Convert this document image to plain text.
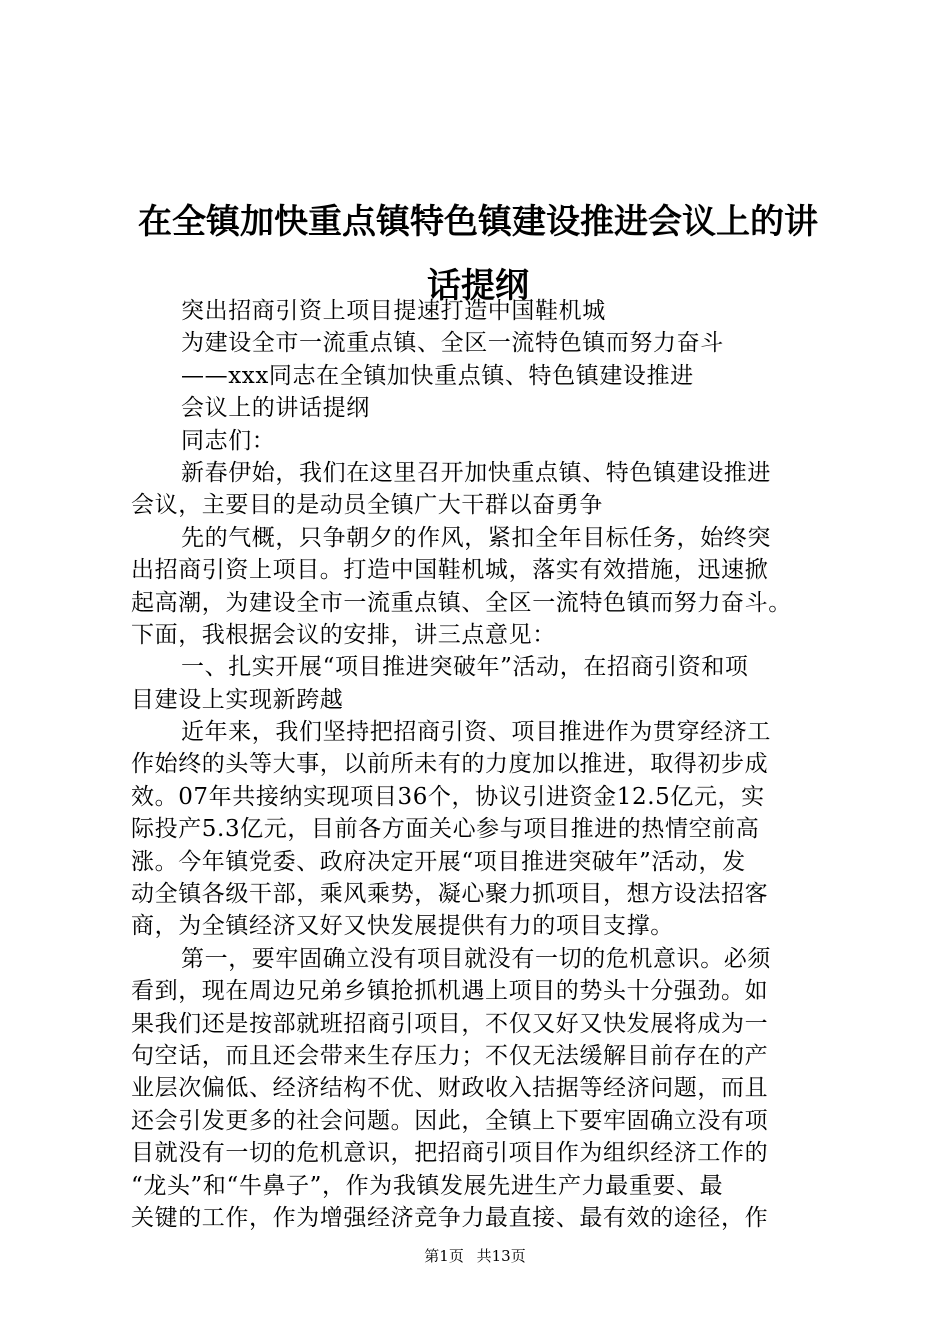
在全镇加快重点镇特色镇建设推进会议上的讲
话提纲
突出招商引资上项目提速打造中国鞋机城
为建设全市一流重点镇、全区一流特色镇而努力奋斗
——xxx同志在全镇加快重点镇、特色镇建设推进
会议上的讲话提纲
同志们：
新春伊始，我们在这里召开加快重点镇、特色镇建设推进
会议，主要目的是动员全镇广大干群以奋勇争
先的气概，只争朝夕的作风，紧扣全年目标任务，始终突
出招商引资上项目。打造中国鞋机城，落实有效措施，迅速掀
起高潮，为建设全市一流重点镇、全区一流特色镇而努力奋斗。
下面，我根据会议的安排，讲三点意见：
一、扎实开展“项目推进突破年”活动，在招商引资和项
目建设上实现新跨越
近年来，我们坚持把招商引资、项目推进作为贯穿经济工
作始终的头等大事，以前所未有的力度加以推进，取得初步成
效。07年共接纳实现项目36个，协议引进资金12.5亿元，实
际投产5.3亿元，目前各方面关心参与项目推进的热情空前高
涨。今年镇党委、政府决定开展“项目推进突破年”活动，发
动全镇各级干部，乘风乘势，凝心聚力抓项目，想方设法招客
商，为全镇经济又好又快发展提供有力的项目支撑。
第一，要牢固确立没有项目就没有一切的危机意识。必须
看到，现在周边兄弟乡镇抢抓机遇上项目的势头十分强劲。如
果我们还是按部就班招商引项目，不仅又好又快发展将成为一
句空话，而且还会带来生存压力；不仅无法缓解目前存在的产
业层次偏低、经济结构不优、财政收入拮据等经济问题，而且
还会引发更多的社会问题。因此，全镇上下要牢固确立没有项
目就没有一切的危机意识，把招商引项目作为组织经济工作的
“龙头”和“牛鼻子”，作为我镇发展先进生产力最重要、最
关键的工作，作为增强经济竞争力最直接、最有效的途径，作
第1页 共13页
